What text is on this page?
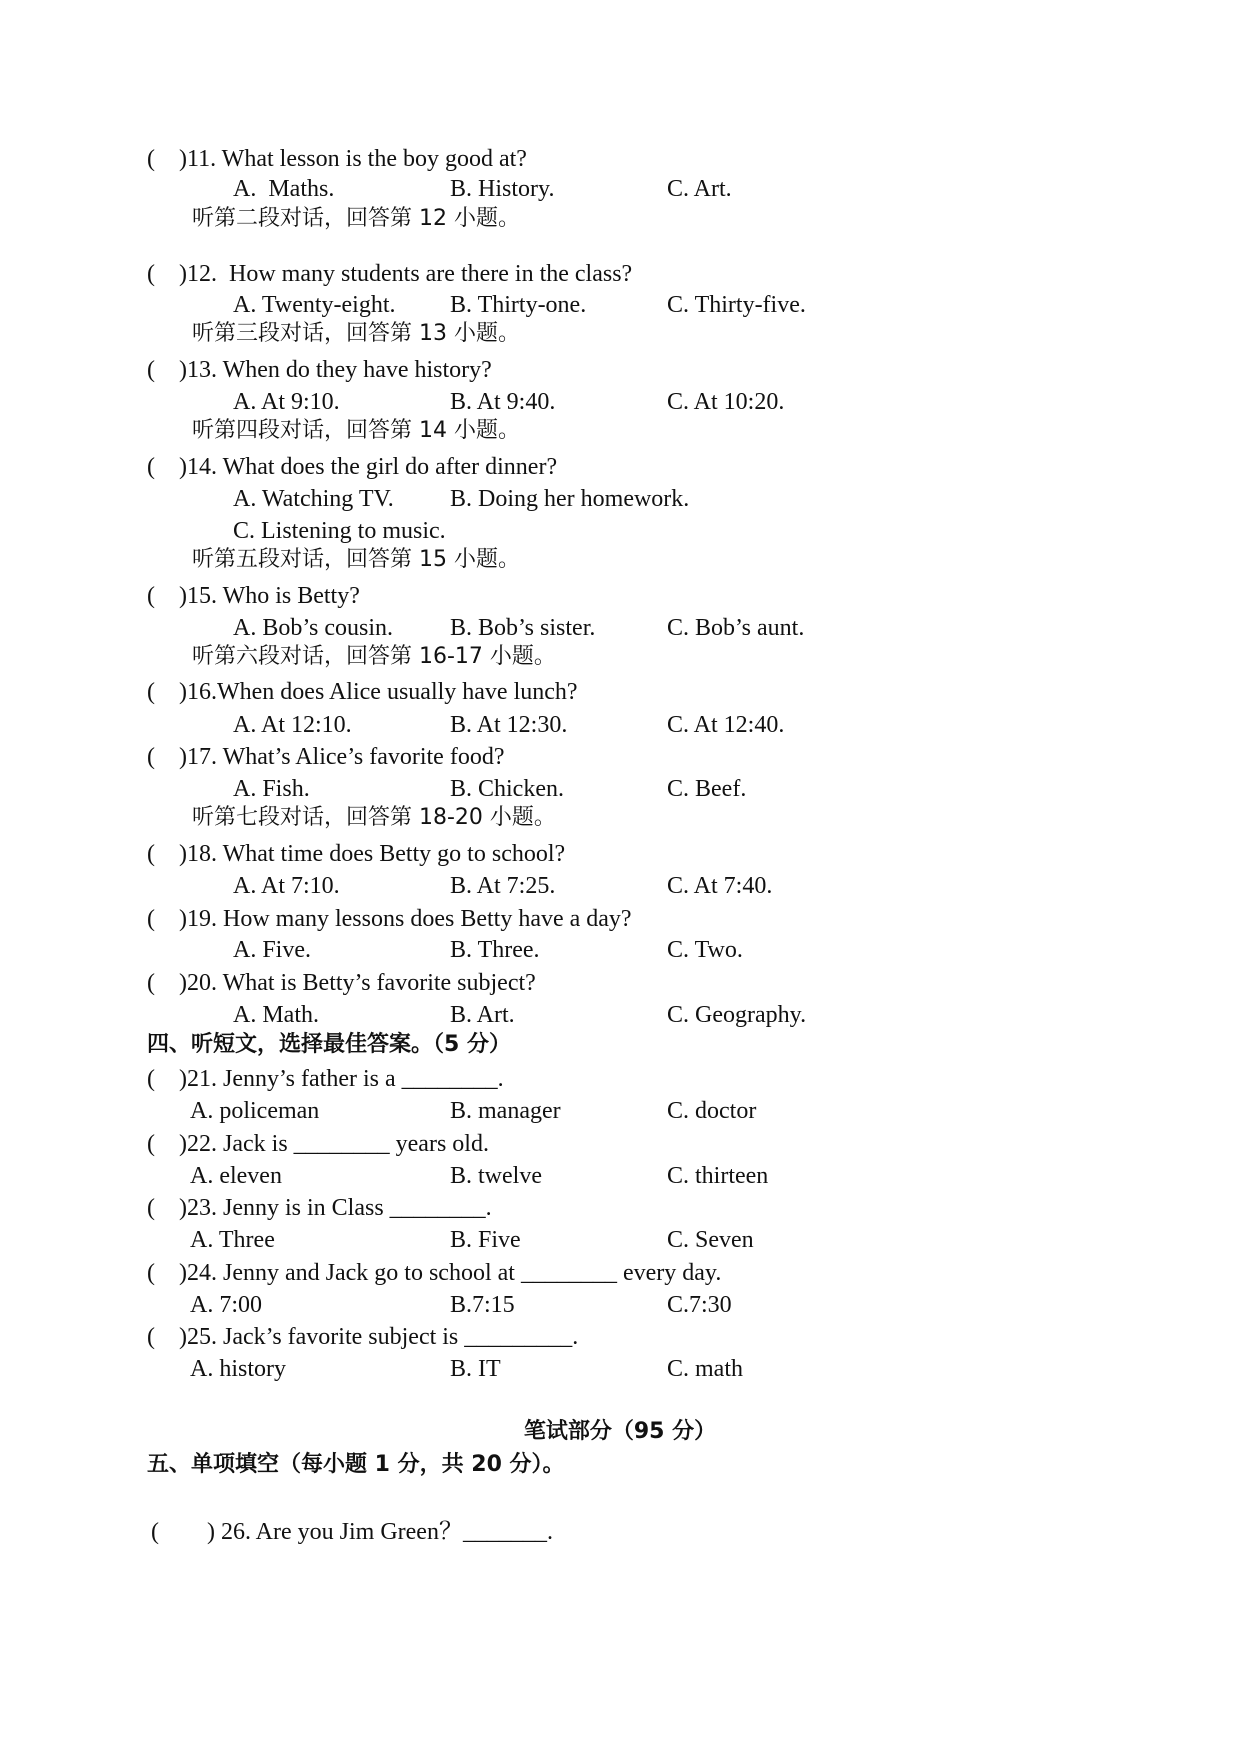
(    )11. What lesson is the boy good at?
A.  Maths.	B. History.	C. Art.
听第二段对话，回答第 12 小题。
(    )12.  How many students are there in the class?
A. Twenty-eight. B. Thirty-one.	C. Thirty-five.
听第三段对话，回答第 13 小题。
(    )13. When do they have history?
A. At 9:10.	B. At 9:40.	C. At 10:20.
听第四段对话，回答第 14 小题。
(    )14. What does the girl do after dinner?
A. Watching TV. B. Doing her homework.
C. Listening to music.
听第五段对话，回答第 15 小题。
(    )15. Who is Betty?
A. Bob’s cousin. B. Bob’s sister.	C. Bob’s aunt.
听第六段对话，回答第 16-17 小题。
(    )16.When does Alice usually have lunch?
A. At 12:10.	B. At 12:30.	C. At 12:40.
(    )17. What’s Alice’s favorite food?
A. Fish.	B. Chicken.	C. Beef.
听第七段对话，回答第 18-20 小题。
(    )18. What time does Betty go to school?
A. At 7:10.	B. At 7:25.	C. At 7:40.
(    )19. How many lessons does Betty have a day?
A. Five.	B. Three.	C. Two.
(    )20. What is Betty’s favorite subject?
A. Math.	B. Art.	C. Geography.
四、听短文，选择最佳答案。（5 分）
(    )21. Jenny’s father is a ________.
A. policeman	B. manager	C. doctor
(    )22. Jack is ________ years old.
A. eleven	B. twelve	C. thirteen
(    )23. Jenny is in Class ________.
A. Three	B. Five	C. Seven
(    )24. Jenny and Jack go to school at ________ every day.
A. 7:00	B.7:15	C.7:30
(    )25. Jack’s favorite subject is _________.
A. history	B. IT	C. math
笔试部分（95 分）
五、单项填空（每小题 1 分，共 20 分）。
(        ) 26. Are you Jim Green？_______.
